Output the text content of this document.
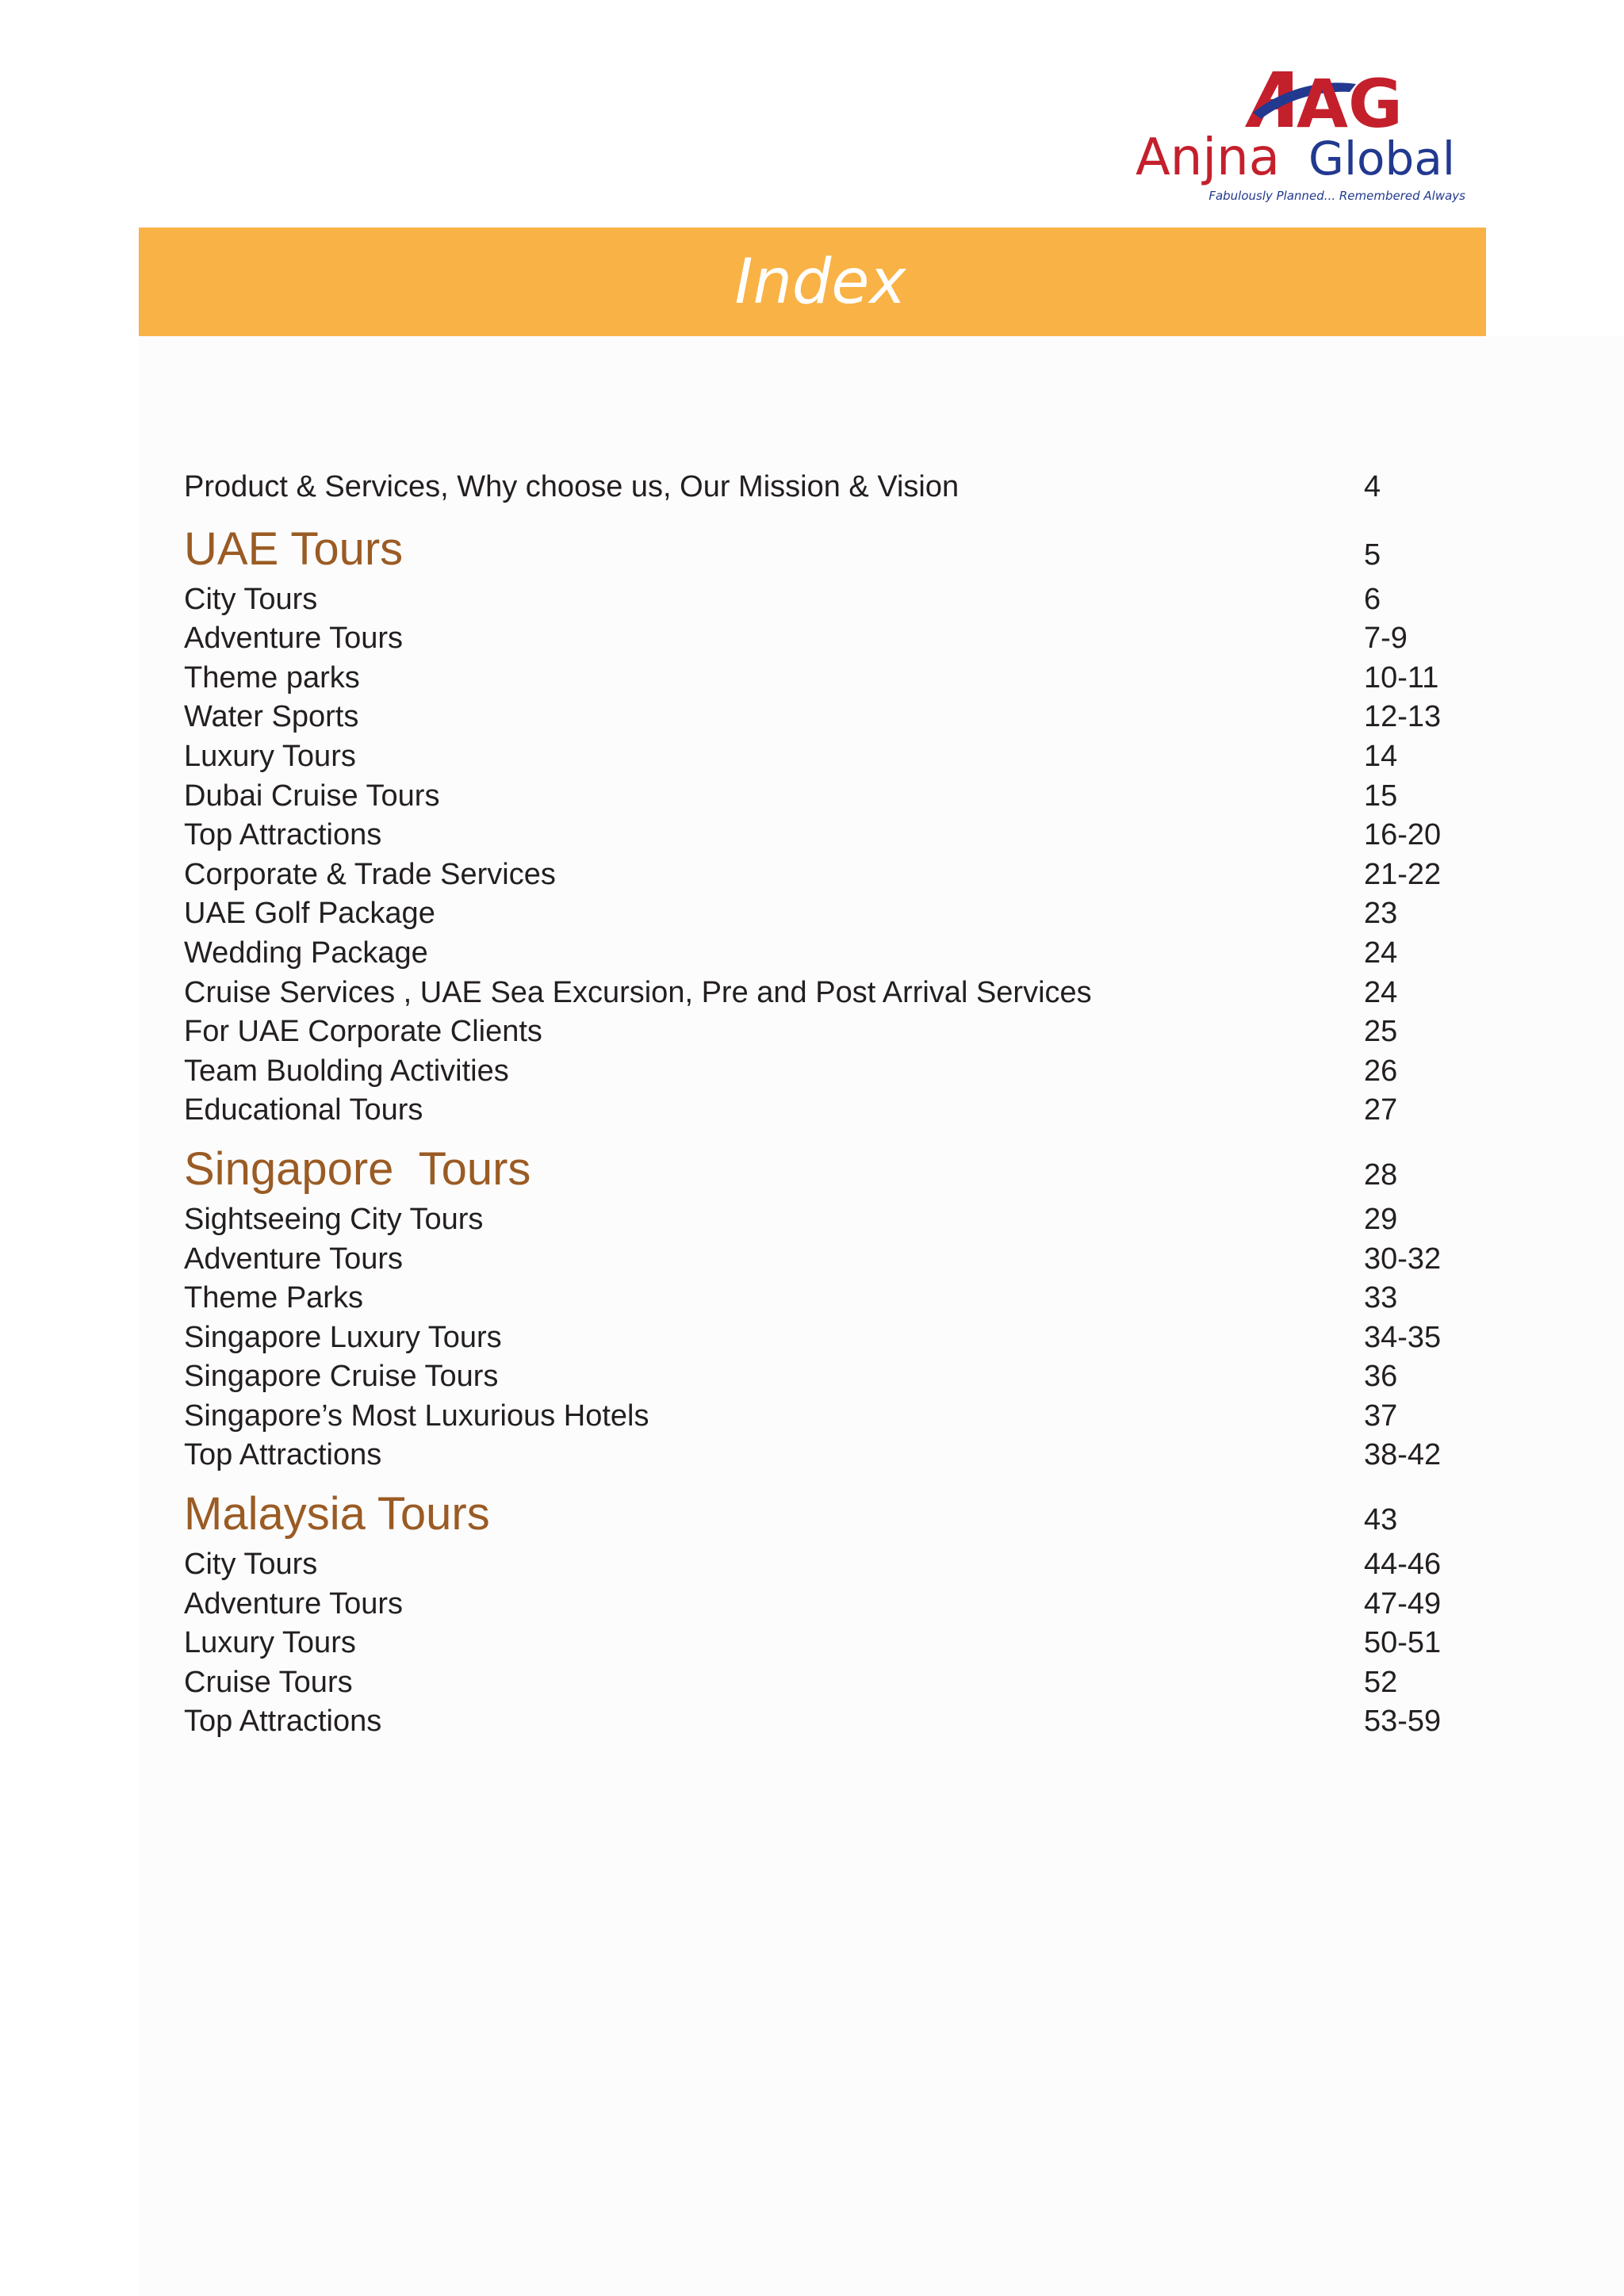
AG
Anjna Global
Fabulously Planned... Remembered Always
Index
Product & Services, Why choose us, Our Mission & Vision	4
UAE Tours	5
City Tours	6
Adventure Tours	7-9
Theme parks	10-11
Water Sports	12-13
Luxury Tours	14
Dubai Cruise Tours	15
Top Attractions	16-20
Corporate & Trade Services	21-22
UAE Golf Package	23
Wedding Package	24
Cruise Services , UAE Sea Excursion, Pre and Post Arrival Services	24
For UAE Corporate Clients	25
Team Buolding Activities	26
Educational Tours	27
Singapore  Tours	28
Sightseeing City Tours	29
Adventure Tours	30-32
Theme Parks	33
Singapore Luxury Tours	34-35
Singapore Cruise Tours	36
Singapore’s Most Luxurious Hotels	37
Top Attractions	38-42
Malaysia Tours	43
City Tours	44-46
Adventure Tours	47-49
Luxury Tours	50-51
Cruise Tours	52
Top Attractions	53-59
